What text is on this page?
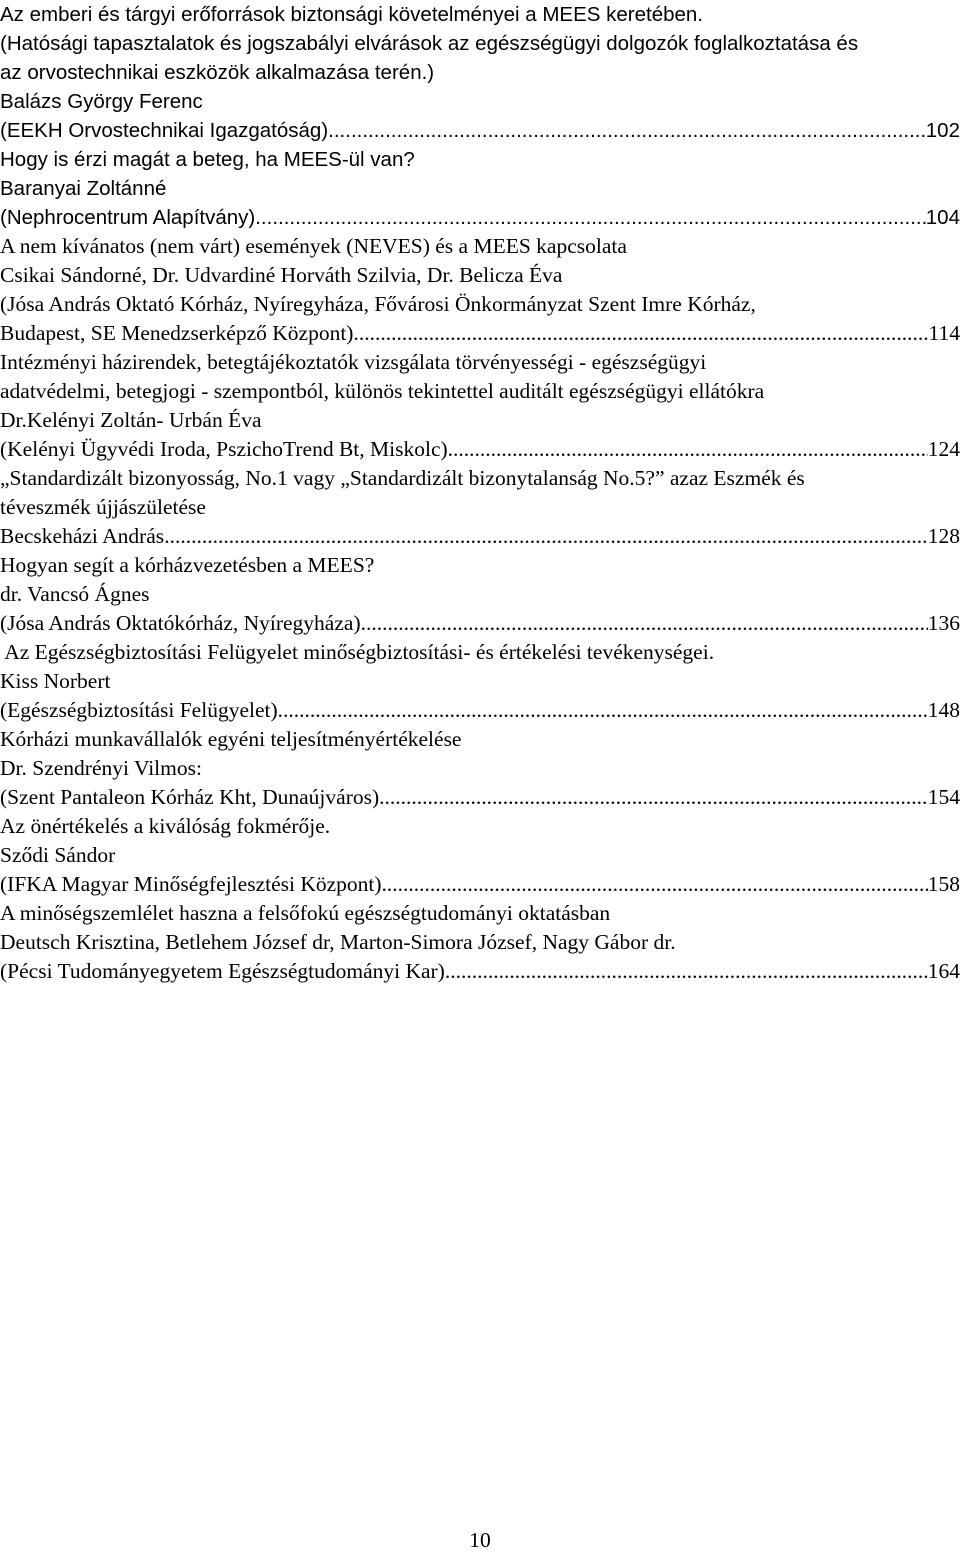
Az emberi és tárgyi erőforrások biztonsági követelményei a MEES keretében.
(Hatósági tapasztalatok és jogszabályi elvárások az egészségügyi dolgozók foglalkoztatása és
az orvostechnikai eszközök alkalmazása terén.)
Balázs György Ferenc
(EEKH Orvostechnikai Igazgatóság) .....	102
Hogy is érzi magát a beteg, ha MEES-ül van?
Baranyai Zoltánné
(Nephrocentrum Alapítvány) .....	104
A nem kívánatos (nem várt) események (NEVES) és a MEES kapcsolata
Csikai Sándorné, Dr. Udvardiné Horváth Szilvia, Dr. Belicza Éva
(Jósa András Oktató Kórház, Nyíregyháza, Fővárosi Önkormányzat Szent Imre Kórház,
Budapest, SE Menedzserképző Központ) .....	114
Intézményi házirendek, betegtájékoztatók vizsgálata törvényességi - egészségügyi
adatvédelmi, betegjogi - szempontból, különös tekintettel auditált egészségügyi ellátókra
Dr.Kelényi Zoltán- Urbán Éva
(Kelényi Ügyvédi Iroda, PszichoTrend Bt, Miskolc) .....	124
„Standardizált bizonyosság, No.1 vagy „Standardizált bizonytalanság No.5?” azaz Eszmék és
téveszmék újjászületése
Becskeházi András .....	128
Hogyan segít a kórházvezetésben a MEES?
dr. Vancsó Ágnes
(Jósa András Oktatókórház, Nyíregyháza) .....	136
Az Egészségbiztosítási Felügyelet minőségbiztosítási- és értékelési tevékenységei.
Kiss Norbert
(Egészségbiztosítási Felügyelet) .....	148
Kórházi munkavállalók egyéni teljesítményértékelése
Dr. Szendrényi Vilmos:
(Szent Pantaleon Kórház Kht, Dunaújváros) .....	154
Az önértékelés a kiválóság fokmérője.
Sződi Sándor
(IFKA Magyar Minőségfejlesztési Központ) .....	158
A minőségszemlélet haszna a felsőfokú egészségtudományi oktatásban
Deutsch Krisztina, Betlehem József dr, Marton-Simora József, Nagy Gábor dr.
(Pécsi Tudományegyetem Egészségtudományi Kar) .....	164
10
